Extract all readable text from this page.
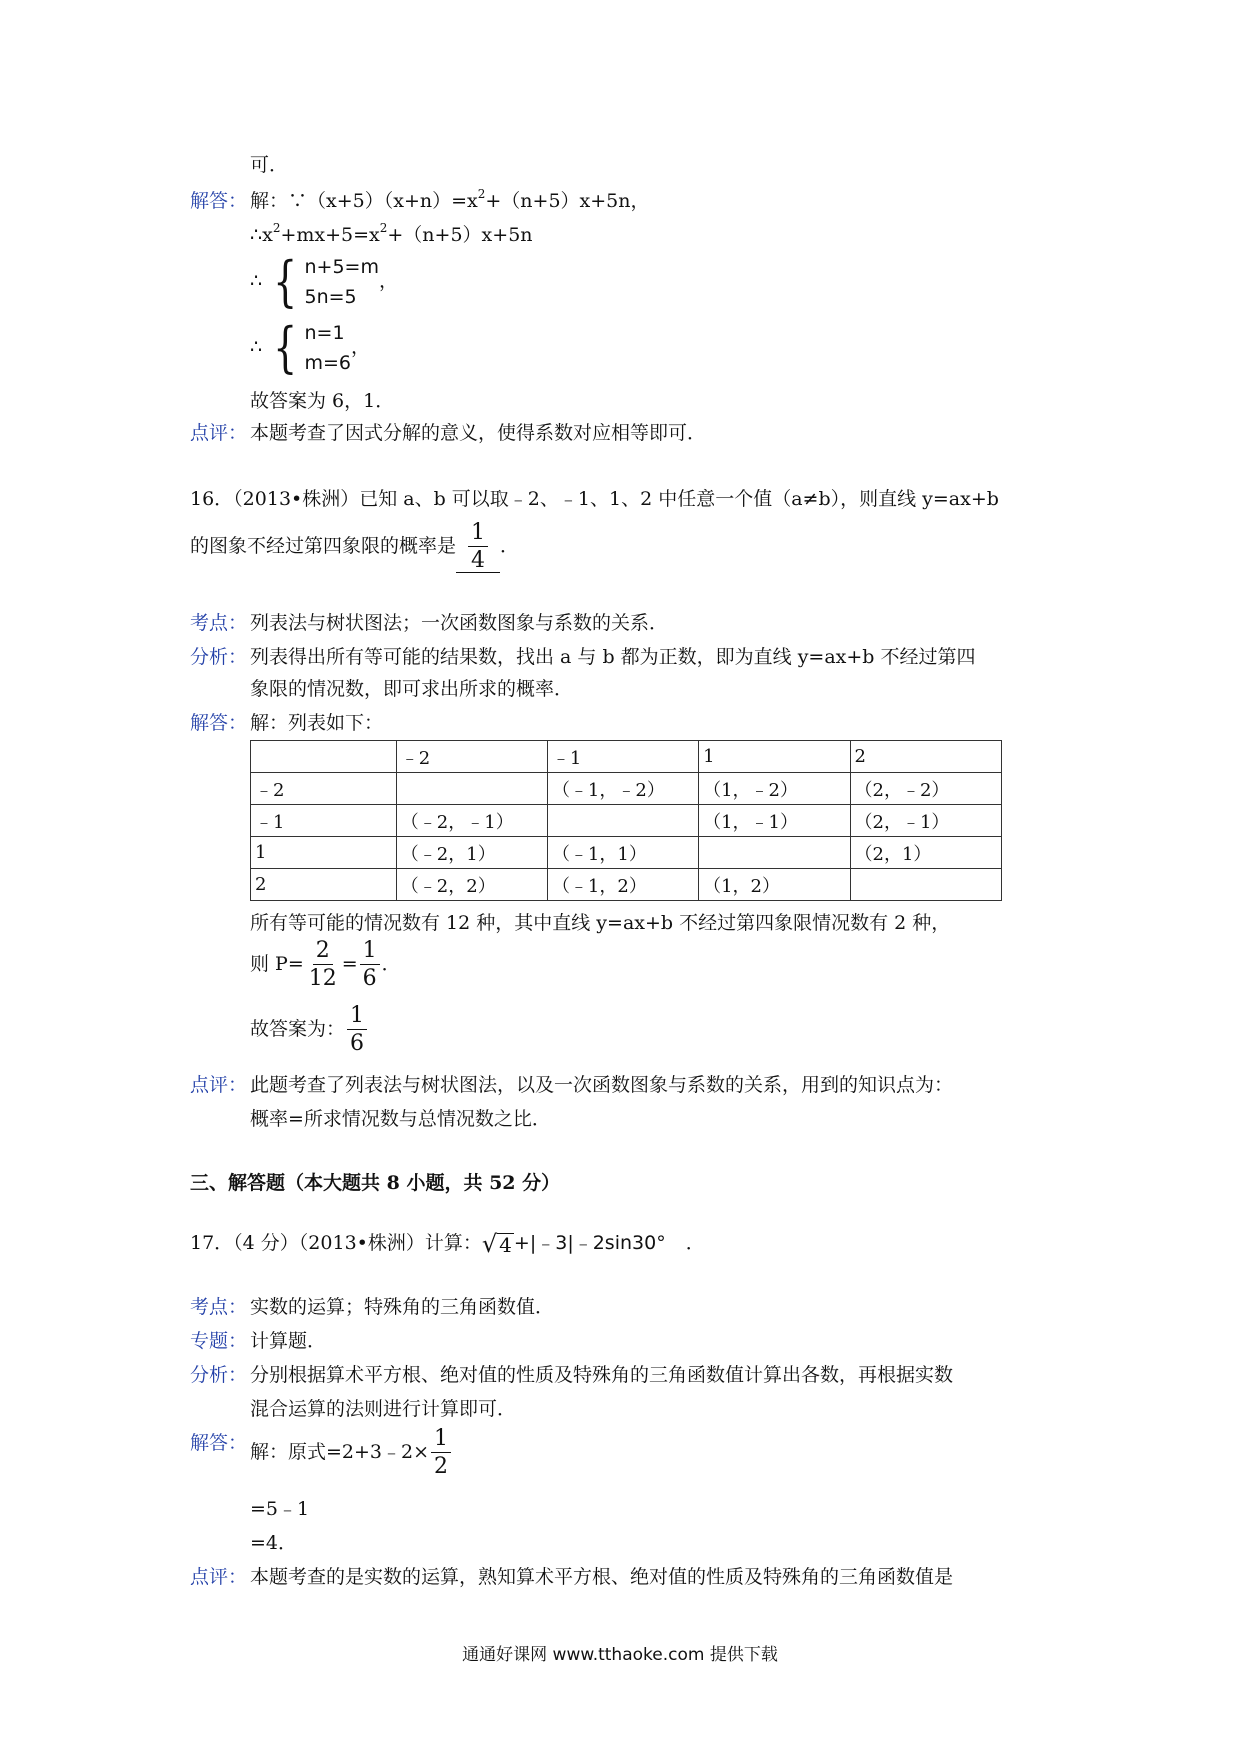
可．
解答： 解：$\because(x+5)(x+n)=x^2+(n+5)x+5n$，
$\therefore x^2+mx+5=x^2+(n+5)x+5n$
∴ { n+5=m
5n=5
，
∴ { n=1
m=6
，
故答案为 6，1．
点评： 本题考查了因式分解的意义，使得系数对应相等即可．
16．（2013•株洲）已知 a、b 可以取﹣2、﹣1、1、2 中任意一个值（a≠b），则直线 y=ax+b
的图象不经过第四象限的概率是 $\frac{1}{4}$ ．
考点： 列表法与树状图法；一次函数图象与系数的关系．
分析： 列表得出所有等可能的结果数，找出 a 与 b 都为正数，即为直线 y=ax+b 不经过第四
象限的情况数，即可求出所求的概率．
解答： 解：列表如下：
	﹣2	﹣1	1	2
﹣2		（﹣1，﹣2）	（1，﹣2）	（2，﹣2）
﹣1	（﹣2，﹣1）		（1，﹣1）	（2，﹣1）
1	（﹣2，1）	（﹣1，1）		（2，1）
2	（﹣2，2）	（﹣1，2）	（1，2）	
所有等可能的情况数有 12 种，其中直线 y=ax+b 不经过第四象限情况数有 2 种，
则 $P= \frac{2}{12} = \frac{1}{6}$ ．
故答案为： $\frac{1}{6}$
点评： 此题考查了列表法与树状图法，以及一次函数图象与系数的关系，用到的知识点为：
概率=所求情况数与总情况数之比．
三、解答题（本大题共 8 小题，共 52 分）
17．（4 分）（2013•株洲）计算： √ 4 +|﹣3|﹣2sin30° ．
考点： 实数的运算；特殊角的三角函数值．
专题： 计算题．
分析： 分别根据算术平方根、绝对值的性质及特殊角的三角函数值计算出各数，再根据实数
混合运算的法则进行计算即可．
解答： 解：原式=2+3﹣2× $\frac{1}{2}$
=5﹣1
=4．
点评： 本题考查的是实数的运算，熟知算术平方根、绝对值的性质及特殊角的三角函数值是
通通好课网 www.tthaoke.com 提供下载
